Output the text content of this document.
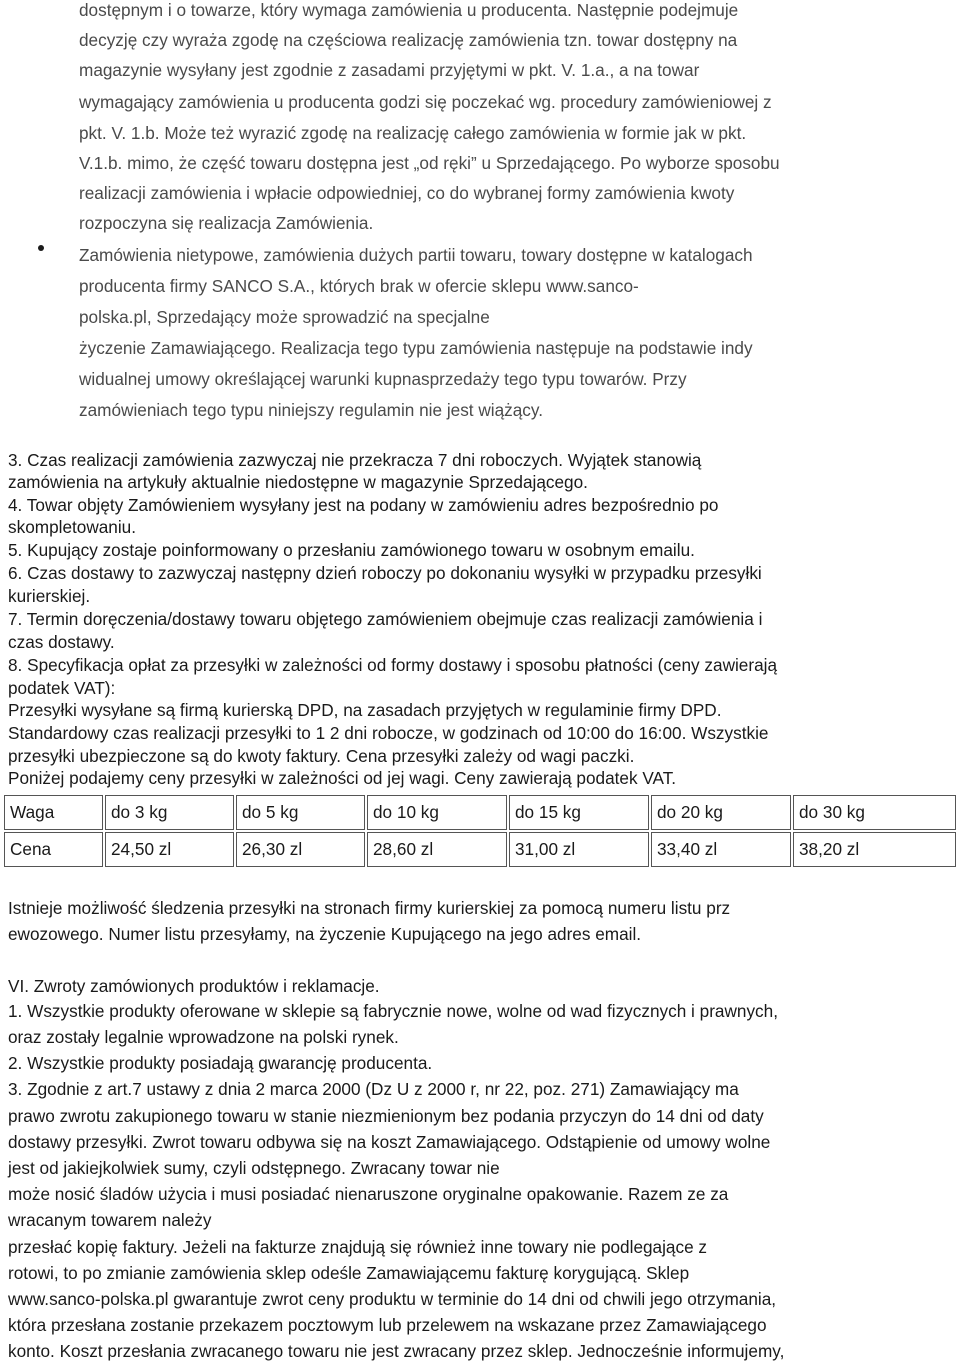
dostępnym i o towarze, który wymaga zamówienia u producenta. Następnie podejmuje
decyzję czy wyraża zgodę na częściowa realizację zamówienia tzn. towar dostępny na
magazynie wysyłany jest zgodnie z zasadami przyjętymi w pkt. V. 1.a., a na towar
wymagający zamówienia u producenta godzi się poczekać wg. procedury zamówieniowej z
pkt. V. 1.b. Może też wyrazić zgodę na realizację całego zamówienia w formie jak w pkt.
V.1.b. mimo, że część towaru dostępna jest „od ręki” u Sprzedającego. Po wyborze sposobu
realizacji zamówienia i wpłacie odpowiedniej, co do wybranej formy zamówienia kwoty
rozpoczyna się realizacja Zamówienia.
Zamówienia nietypowe, zamówienia dużych partii towaru, towary dostępne w katalogach
producenta firmy SANCO S.A., których brak w ofercie sklepu www.sanco-
polska.pl, Sprzedający może sprowadzić na specjalne
życzenie Zamawiającego. Realizacja tego typu zamówienia następuje na podstawie indy
widualnej umowy określającej warunki kupnasprzedaży tego typu towarów. Przy
zamówieniach tego typu niniejszy regulamin nie jest wiążący.
3. Czas realizacji zamówienia zazwyczaj nie przekracza 7 dni roboczych. Wyjątek stanowią
zamówienia na artykuły aktualnie niedostępne w magazynie Sprzedającego.
4. Towar objęty Zamówieniem wysyłany jest na podany w zamówieniu adres bezpośrednio po
skompletowaniu.
5. Kupujący zostaje poinformowany o przesłaniu zamówionego towaru w osobnym emailu.
6. Czas dostawy to zazwyczaj następny dzień roboczy po dokonaniu wysyłki w przypadku przesyłki
kurierskiej.
7. Termin doręczenia/dostawy towaru objętego zamówieniem obejmuje czas realizacji zamówienia i
czas dostawy.
8. Specyfikacja opłat za przesyłki w zależności od formy dostawy i sposobu płatności (ceny zawierają
podatek VAT):
Przesyłki wysyłane są firmą kurierską DPD, na zasadach przyjętych w regulaminie firmy DPD.
Standardowy czas realizacji przesyłki to 1 2 dni robocze, w godzinach od 10:00 do 16:00. Wszystkie
przesyłki ubezpieczone są do kwoty faktury. Cena przesyłki zależy od wagi paczki.
Poniżej podajemy ceny przesyłki w zależności od jej wagi. Ceny zawierają podatek VAT.
Waga	do 3 kg	do 5 kg	do 10 kg	do 15 kg	do 20 kg	do 30 kg
Cena	24,50 zl	26,30 zl	28,60 zl	31,00 zl	33,40 zl	38,20 zl
Istnieje możliwość śledzenia przesyłki na stronach firmy kurierskiej za pomocą numeru listu prz
ewozowego. Numer listu przesyłamy, na życzenie Kupującego na jego adres email.
VI. Zwroty zamówionych produktów i reklamacje.
1. Wszystkie produkty oferowane w sklepie są fabrycznie nowe, wolne od wad fizycznych i prawnych,
oraz zostały legalnie wprowadzone na polski rynek.
2. Wszystkie produkty posiadają gwarancję producenta.
3. Zgodnie z art.7 ustawy z dnia 2 marca 2000 (Dz U z 2000 r, nr 22, poz. 271) Zamawiający ma
prawo zwrotu zakupionego towaru w stanie niezmienionym bez podania przyczyn do 14 dni od daty
dostawy przesyłki. Zwrot towaru odbywa się na koszt Zamawiającego. Odstąpienie od umowy wolne
jest od jakiejkolwiek sumy, czyli odstępnego. Zwracany towar nie
może nosić śladów użycia i musi posiadać nienaruszone oryginalne opakowanie. Razem ze za
wracanym towarem należy
przesłać kopię faktury. Jeżeli na fakturze znajdują się również inne towary nie podlegające z
rotowi, to po zmianie zamówienia sklep odeśle Zamawiającemu fakturę korygującą. Sklep
www.sanco-polska.pl gwarantuje zwrot ceny produktu w terminie do 14 dni od chwili jego otrzymania,
która przesłana zostanie przekazem pocztowym lub przelewem na wskazane przez Zamawiającego
konto. Koszt przesłania zwracanego towaru nie jest zwracany przez sklep. Jednocześnie informujemy,
